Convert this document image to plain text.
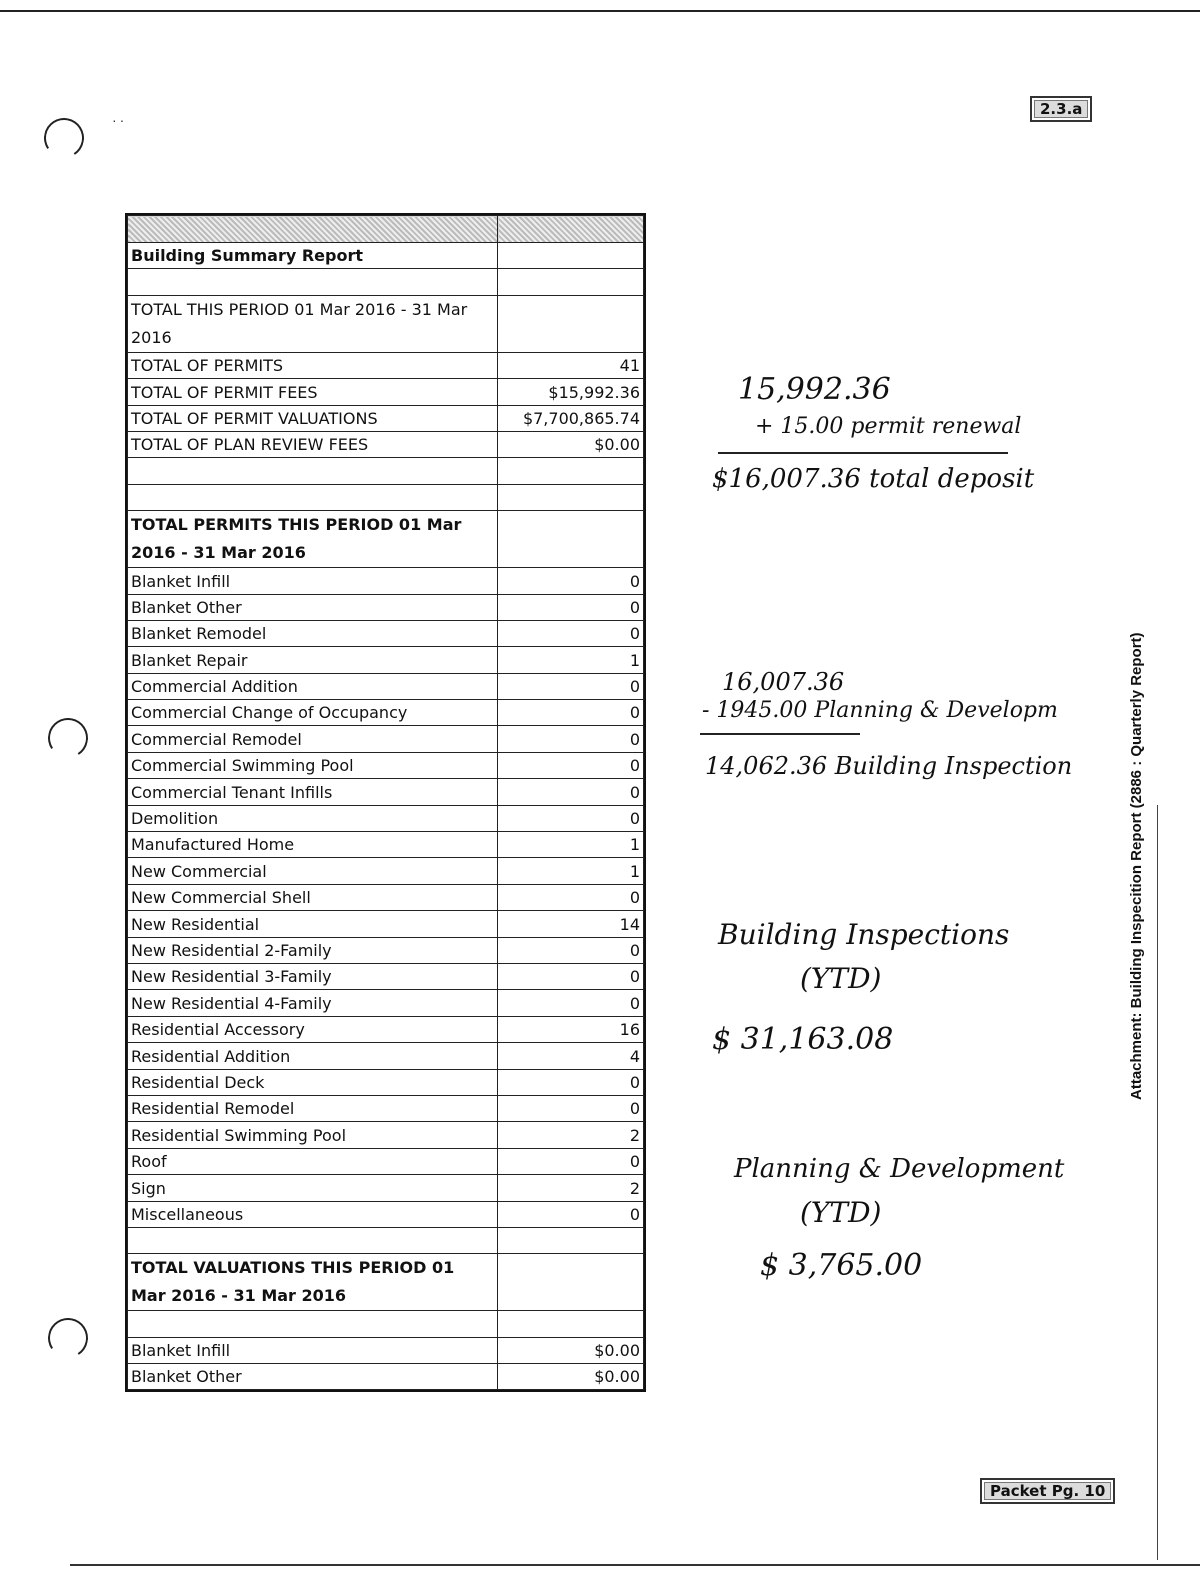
··
2.3.a
Packet Pg. 10

Building Summary Report	

TOTAL THIS PERIOD 01 Mar 2016 - 31 Mar 2016	
TOTAL OF PERMITS	41
TOTAL OF PERMIT FEES	$15,992.36
TOTAL OF PERMIT VALUATIONS	$7,700,865.74
TOTAL OF PLAN REVIEW FEES	$0.00

TOTAL PERMITS THIS PERIOD 01 Mar 2016 - 31 Mar 2016	
Blanket Infill	0
Blanket Other	0
Blanket Remodel	0
Blanket Repair	1
Commercial Addition	0
Commercial Change of Occupancy	0
Commercial Remodel	0
Commercial Swimming Pool	0
Commercial Tenant Infills	0
Demolition	0
Manufactured Home	1
New Commercial	1
New Commercial Shell	0
New Residential	14
New Residential 2-Family	0
New Residential 3-Family	0
New Residential 4-Family	0
Residential Accessory	16
Residential Addition	4
Residential Deck	0
Residential Remodel	0
Residential Swimming Pool	2
Roof	0
Sign	2
Miscellaneous	0

TOTAL VALUATIONS THIS PERIOD 01 Mar 2016 - 31 Mar 2016	

Blanket Infill	$0.00
Blanket Other	$0.00
15,992.36
+ 15.00 permit renewal
$16,007.36 total deposit
16,007.36
- 1945.00 Planning & Developm
14,062.36 Building Inspection
Building Inspections
(YTD)
$ 31,163.08
Planning & Development
(YTD)
$ 3,765.00
Attachment: Building Inspecition Report (2886 : Quarterly Report)
